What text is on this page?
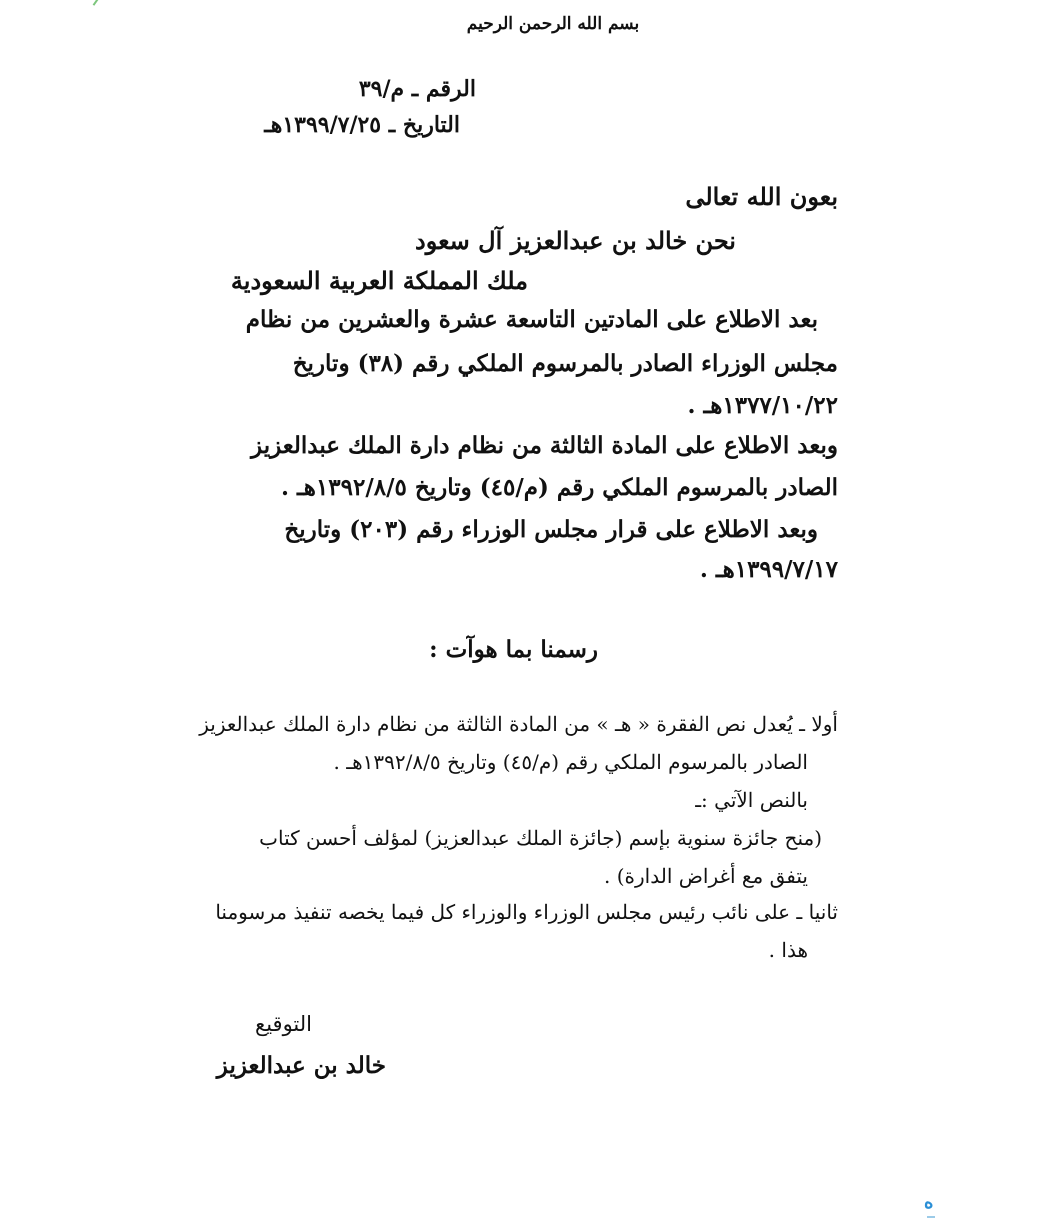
بسم الله الرحمن الرحيم
الرقم ـ م/٣٩
التاريخ ـ ١٣٩٩/٧/٢٥هـ
بعون الله تعالى
نحن خالد بن عبدالعزيز آل سعود
ملك المملكة العربية السعودية
بعد الاطلاع على المادتين التاسعة عشرة والعشرين من نظام
مجلس الوزراء الصادر بالمرسوم الملكي رقم (٣٨) وتاريخ
١٣٧٧/١٠/٢٢هـ .
وبعد الاطلاع على المادة الثالثة من نظام دارة الملك عبدالعزيز
الصادر بالمرسوم الملكي رقم (م/٤٥) وتاريخ ١٣٩٢/٨/٥هـ .
وبعد الاطلاع على قرار مجلس الوزراء رقم (٢٠٣) وتاريخ
١٣٩٩/٧/١٧هـ .
رسمنا بما هوآت :
أولا ـ يُعدل نص الفقرة « هـ » من المادة الثالثة من نظام دارة الملك عبدالعزيز
الصادر بالمرسوم الملكي رقم (م/٤٥) وتاريخ ١٣٩٢/٨/٥هـ .
بالنص الآتي :ـ
(منح جائزة سنوية بإسم (جائزة الملك عبدالعزيز) لمؤلف أحسن كتاب
يتفق مع أغراض الدارة) .
ثانيا ـ على نائب رئيس مجلس الوزراء والوزراء كل فيما يخصه تنفيذ مرسومنا
هذا .
التوقيع
خالد بن عبدالعزيز
ه
